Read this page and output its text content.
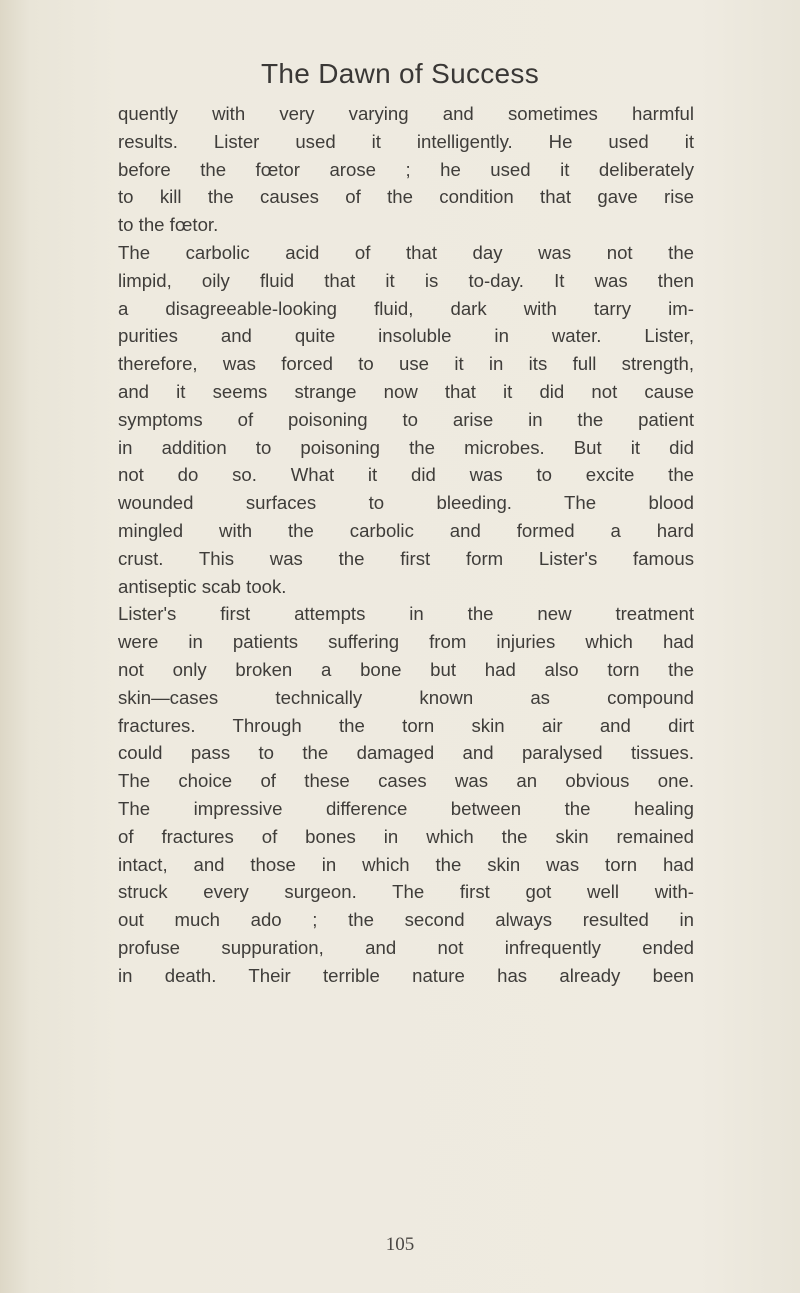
The Dawn of Success
quently with very varying and sometimes harmful
results. Lister used it intelligently. He used it
before the fœtor arose ; he used it deliberately
to kill the causes of the condition that gave rise
to the fœtor.
The carbolic acid of that day was not the
limpid, oily fluid that it is to-day. It was then
a disagreeable-looking fluid, dark with tarry im-
purities and quite insoluble in water. Lister,
therefore, was forced to use it in its full strength,
and it seems strange now that it did not cause
symptoms of poisoning to arise in the patient
in addition to poisoning the microbes. But it did
not do so. What it did was to excite the
wounded surfaces to bleeding. The blood
mingled with the carbolic and formed a hard
crust. This was the first form Lister's famous
antiseptic scab took.
Lister's first attempts in the new treatment
were in patients suffering from injuries which had
not only broken a bone but had also torn the
skin—cases technically known as compound
fractures. Through the torn skin air and dirt
could pass to the damaged and paralysed tissues.
The choice of these cases was an obvious one.
The impressive difference between the healing
of fractures of bones in which the skin remained
intact, and those in which the skin was torn had
struck every surgeon. The first got well with-
out much ado ; the second always resulted in
profuse suppuration, and not infrequently ended
in death. Their terrible nature has already been
105
